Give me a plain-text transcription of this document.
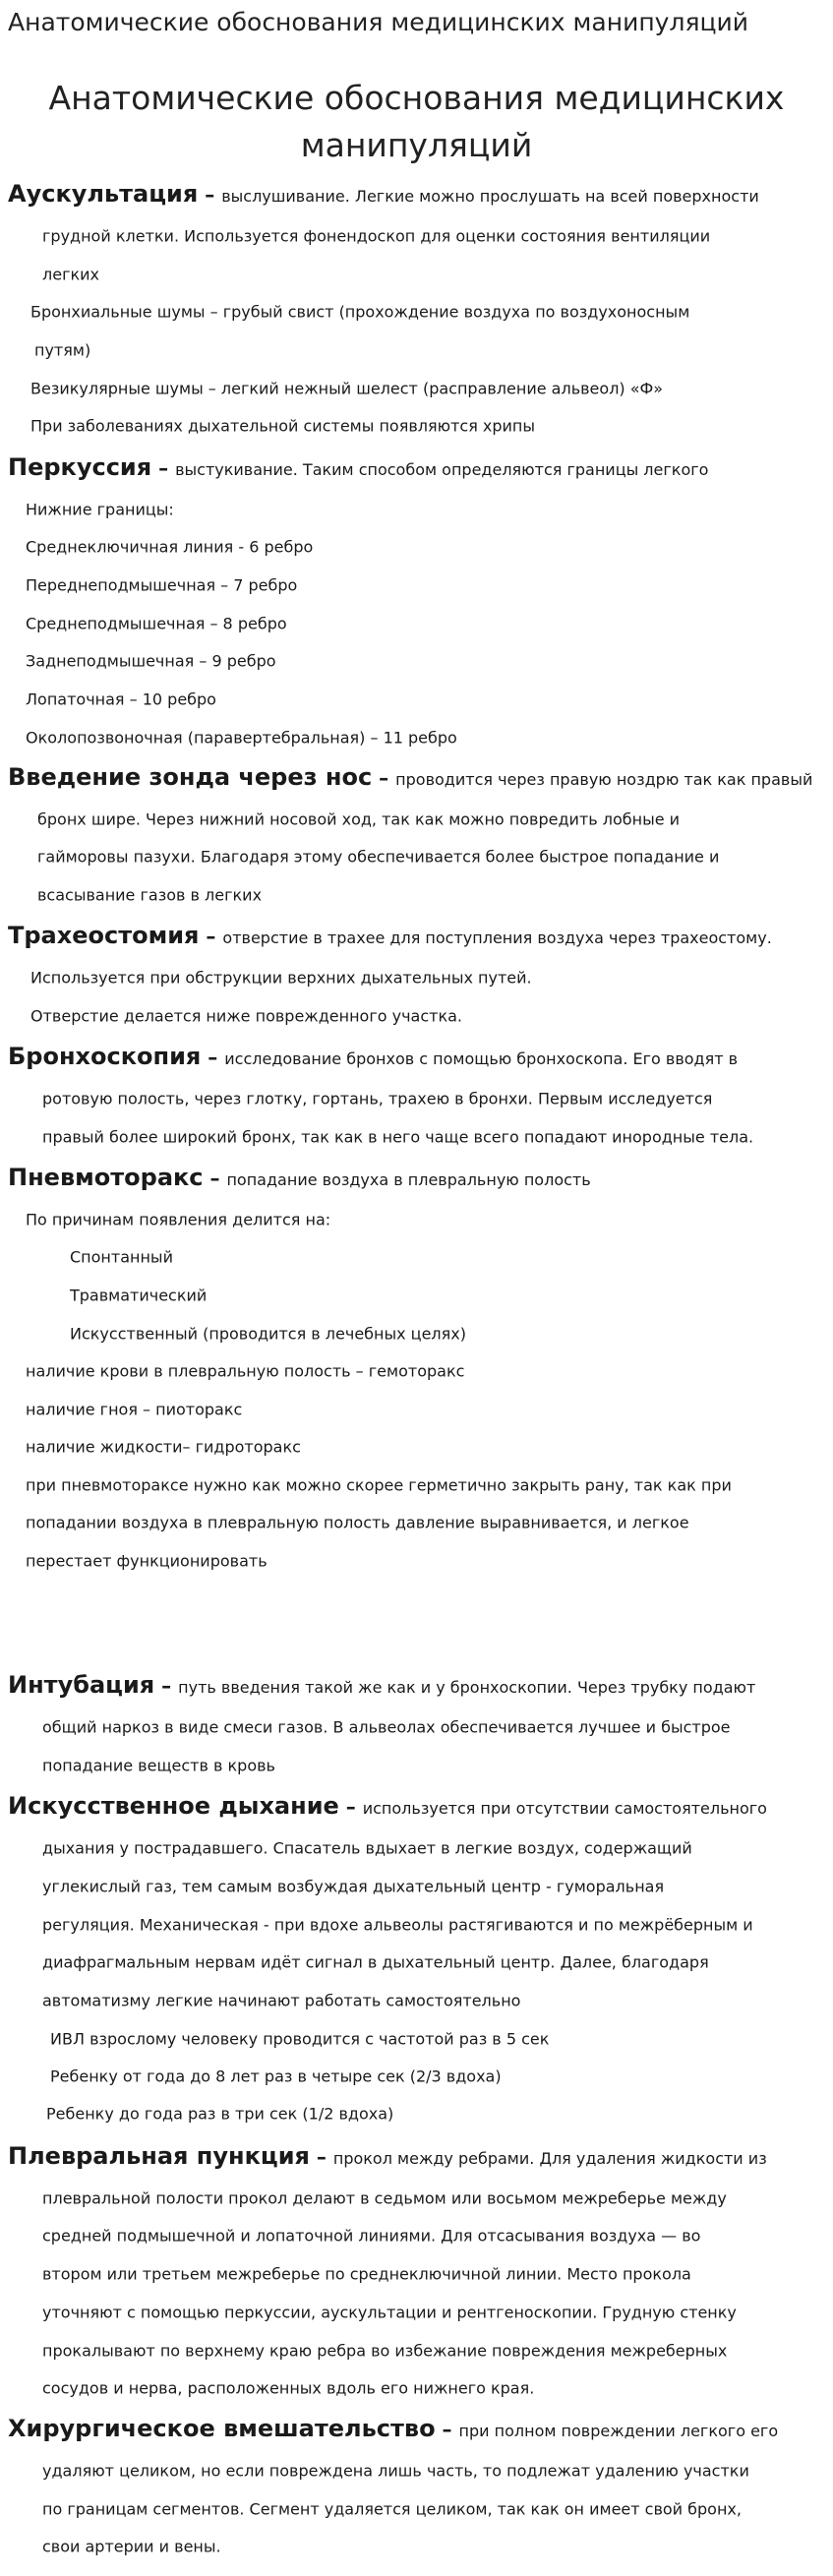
Анатомические обоснования медицинских манипуляций
Анатомические обоснования медицинских
манипуляций
Аускультация – выслушивание. Легкие можно прослушать на всей поверхности
грудной клетки. Используется фонендоскоп для оценки состояния вентиляции
легких
Бронхиальные шумы – грубый свист (прохождение воздуха по воздухоносным
путям)
Везикулярные шумы – легкий нежный шелест (расправление альвеол) «Ф»
При заболеваниях дыхательной системы появляются хрипы
Перкуссия – выстукивание. Таким способом определяются границы легкого
Нижние границы:
Среднеключичная линия - 6 ребро
Переднеподмышечная – 7 ребро
Среднеподмышечная – 8 ребро
Заднеподмышечная – 9 ребро
Лопаточная – 10 ребро
Околопозвоночная (паравертебральная) – 11 ребро
Введение зонда через нос – проводится через правую ноздрю так как правый
бронх шире. Через нижний носовой ход, так как можно повредить лобные и
гайморовы пазухи. Благодаря этому обеспечивается более быстрое попадание и
всасывание газов в легких
Трахеостомия – отверстие в трахее для поступления воздуха через трахеостому.
Используется при обструкции верхних дыхательных путей.
Отверстие делается ниже поврежденного участка.
Бронхоскопия – исследование бронхов с помощью бронхоскопа. Его вводят в
ротовую полость, через глотку, гортань, трахею в бронхи. Первым исследуется
правый более широкий бронх, так как в него чаще всего попадают инородные тела.
Пневмоторакс – попадание воздуха в плевральную полость
По причинам появления делится на:
Спонтанный
Травматический
Искусственный (проводится в лечебных целях)
наличие крови в плевральную полость – гемоторакс
наличие гноя – пиоторакс
наличие жидкости– гидроторакс
при пневмотораксе нужно как можно скорее герметично закрыть рану, так как при
попадании воздуха в плевральную полость давление выравнивается, и легкое
перестает функционировать
Интубация – путь введения такой же как и у бронхоскопии. Через трубку подают
общий наркоз в виде смеси газов. В альвеолах обеспечивается лучшее и быстрое
попадание веществ в кровь
Искусственное дыхание – используется при отсутствии самостоятельного
дыхания у пострадавшего. Спасатель вдыхает в легкие воздух, содержащий
углекислый газ, тем самым возбуждая дыхательный центр - гуморальная
регуляция. Механическая - при вдохе альвеолы растягиваются и по межрёберным и
диафрагмальным нервам идёт сигнал в дыхательный центр. Далее, благодаря
автоматизму легкие начинают работать самостоятельно
ИВЛ взрослому человеку проводится с частотой раз в 5 сек
Ребенку от года до 8 лет раз в четыре сек (2/3 вдоха)
Ребенку до года раз в три сек (1/2 вдоха)
Плевральная пункция – прокол между ребрами. Для удаления жидкости из
плевральной полости прокол делают в седьмом или восьмом межреберье между
средней подмышечной и лопаточной линиями. Для отсасывания воздуха — во
втором или третьем межреберье по среднеключичной линии. Место прокола
уточняют с помощью перкуссии, аускультации и рентгеноскопии. Грудную стенку
прокалывают по верхнему краю ребра во избежание повреждения межреберных
сосудов и нерва, расположенных вдоль его нижнего края.
Хирургическое вмешательство – при полном повреждении легкого его
удаляют целиком, но если повреждена лишь часть, то подлежат удалению участки
по границам сегментов. Сегмент удаляется целиком, так как он имеет свой бронх,
свои артерии и вены.
